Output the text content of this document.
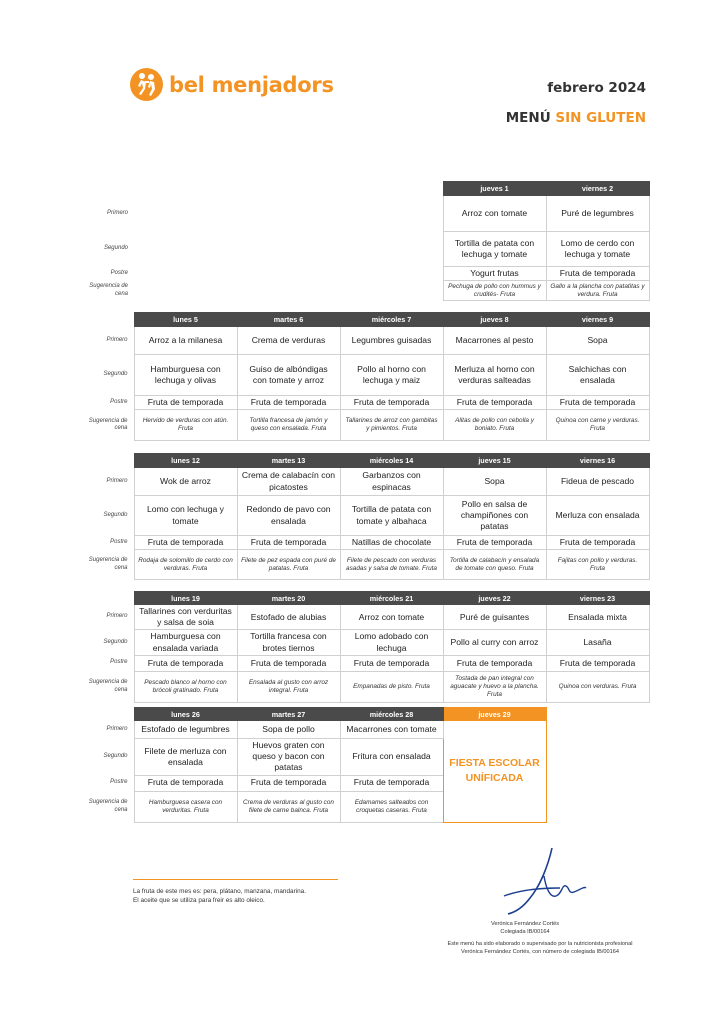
bel menjadors	febrero 2024
MENÚ SIN GLUTEN
				jueves 1	viernes 2
Primero				Arroz con tomate	Puré de legumbres
Segundo				Tortilla de patata con lechuga y tomate	Lomo de cerdo con lechuga y tomate
Postre				Yogurt frutas	Fruta de temporada
Sugerencia de cena				Pechuga de pollo con hummus y crudités- Fruta	Gallo a la plancha con patatitas y verdura. Fruta
	lunes 5	martes 6	miércoles 7	jueves 8	viernes 9
Primero	Arroz a la milanesa	Crema de verduras	Legumbres guisadas	Macarrones al pesto	Sopa
Segundo	Hamburguesa con lechuga y olivas	Guiso de albóndigas con tomate y arroz	Pollo al horno con lechuga y maiz	Merluza al horno con verduras salteadas	Salchichas con ensalada
Postre	Fruta de temporada	Fruta de temporada	Fruta de temporada	Fruta de temporada	Fruta de temporada
Sugerencia de cena	Hervido de verduras con atún. Fruta	Tortilla francesa de jamón y queso con ensalada. Fruta	Tallarines de arroz con gambitas y pimientos. Fruta	Alitas de pollo con cebolla y boniato. Fruta	Quinoa con carne y verduras. Fruta
	lunes 12	martes 13	miércoles 14	jueves 15	viernes 16
Primero	Wok de arroz	Crema de calabacín con picatostes	Garbanzos con espinacas	Sopa	Fideua de pescado
Segundo	Lomo con lechuga y tomate	Redondo de pavo con ensalada	Tortilla de patata con tomate y albahaca	Pollo en salsa de champiñones con patatas	Merluza con ensalada
Postre	Fruta de temporada	Fruta de temporada	Natillas de chocolate	Fruta de temporada	Fruta de temporada
Sugerencia de cena	Rodaja de solomillo de cerdo con verduras. Fruta	Filete de pez espada con puré de patatas. Fruta	Filete de pescado con verduras asadas y salsa de tomate. Fruta	Tortilla de calabacín y ensalada de tomate con queso. Fruta	Fajitas con pollo y verduras. Fruta
	lunes 19	martes 20	miércoles 21	jueves 22	viernes 23
Primero	Tallarines con verduritas y salsa de soia	Estofado de alubias	Arroz con tomate	Puré de guisantes	Ensalada mixta
Segundo	Hamburguesa con ensalada variada	Tortilla francesa con brotes tiernos	Lomo adobado con lechuga	Pollo al curry con arroz	Lasaña
Postre	Fruta de temporada	Fruta de temporada	Fruta de temporada	Fruta de temporada	Fruta de temporada
Sugerencia de cena	Pescado blanco al horno con brócoli gratinado. Fruta	Ensalada al gusto con arroz integral. Fruta	Empanadas de pisto. Fruta	Tostada de pan integral con aguacate y huevo a la plancha. Fruta	Quinoa con verduras. Fruta
	lunes 26	martes 27	miércoles 28	jueves 29	
Primero	Estofado de legumbres	Sopa de pollo	Macarrones con tomate	FIESTA ESCOLAR UNÍFICADA	
Segundo	Filete de merluza con ensalada	Huevos graten con queso y bacon con patatas	Fritura con ensalada		
Postre	Fruta de temporada	Fruta de temporada	Fruta de temporada		
Sugerencia de cena	Hamburguesa casera con verduritas. Fruta	Crema de verduras al gusto con filete de carne balnca. Fruta	Edamames salteados con croquetas caseras. Fruta		
La fruta de este mes es: pera, plátano, manzana, mandarina.
El aceite que se utiliza para freir es alto oleico.
Verónica Fernández Cortés
Colegiada IB/00164
Este menú ha sido elaborado o supervisado por la nutricionista profesional
Verónica Fernández Cortés, con número de colegiada IB/00164
